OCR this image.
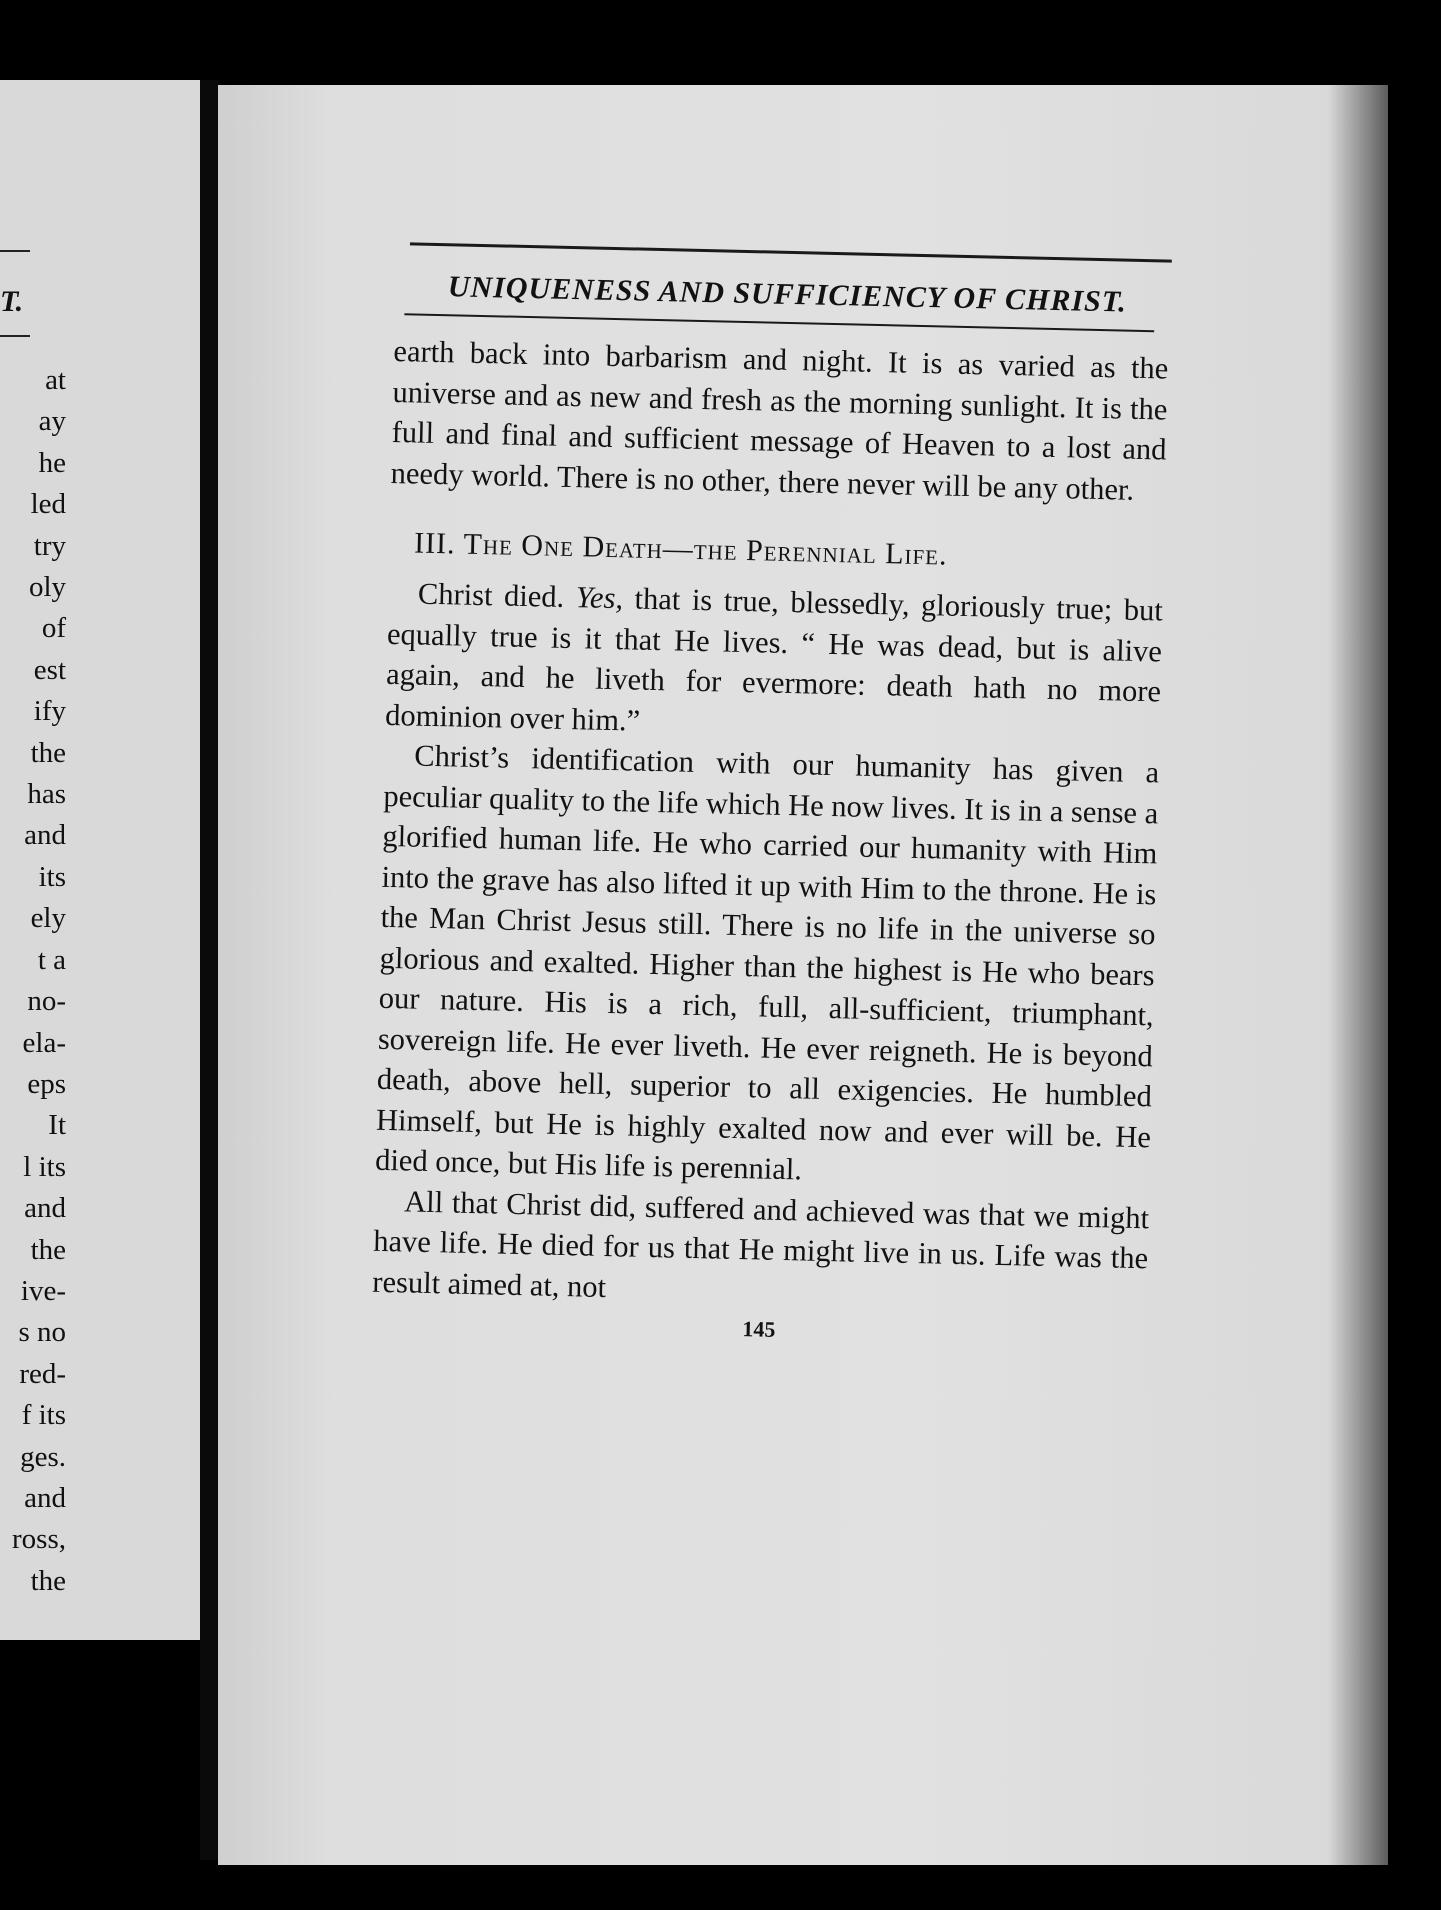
T.
at
ay
he
led
try
oly
of
est
ify
the
has
and
its
ely
t a
no-
ela-
eps
It
l its
and
the
ive-
s no
red-
f its
ges.
and
ross,
the
UNIQUENESS AND SUFFICIENCY OF CHRIST.

earth back into barbarism and night. It is as varied as the universe and as new and fresh as the morning sunlight. It is the full and final and sufficient message of Heaven to a lost and needy world. There is no other, there never will be any other.

III. The One Death—the Perennial Life.

Christ died. Yes, that is true, blessedly, gloriously true; but equally true is it that He lives. “ He was dead, but is alive again, and he liveth for evermore: death hath no more dominion over him.”

Christ’s identification with our humanity has given a peculiar quality to the life which He now lives. It is in a sense a glorified human life. He who carried our humanity with Him into the grave has also lifted it up with Him to the throne. He is the Man Christ Jesus still. There is no life in the universe so glorious and exalted. Higher than the highest is He who bears our nature. His is a rich, full, all-sufficient, triumphant, sovereign life. He ever liveth. He ever reigneth. He is beyond death, above hell, superior to all exigencies. He humbled Himself, but He is highly exalted now and ever will be. He died once, but His life is perennial.

All that Christ did, suffered and achieved was that we might have life. He died for us that He might live in us. Life was the result aimed at, not

145
